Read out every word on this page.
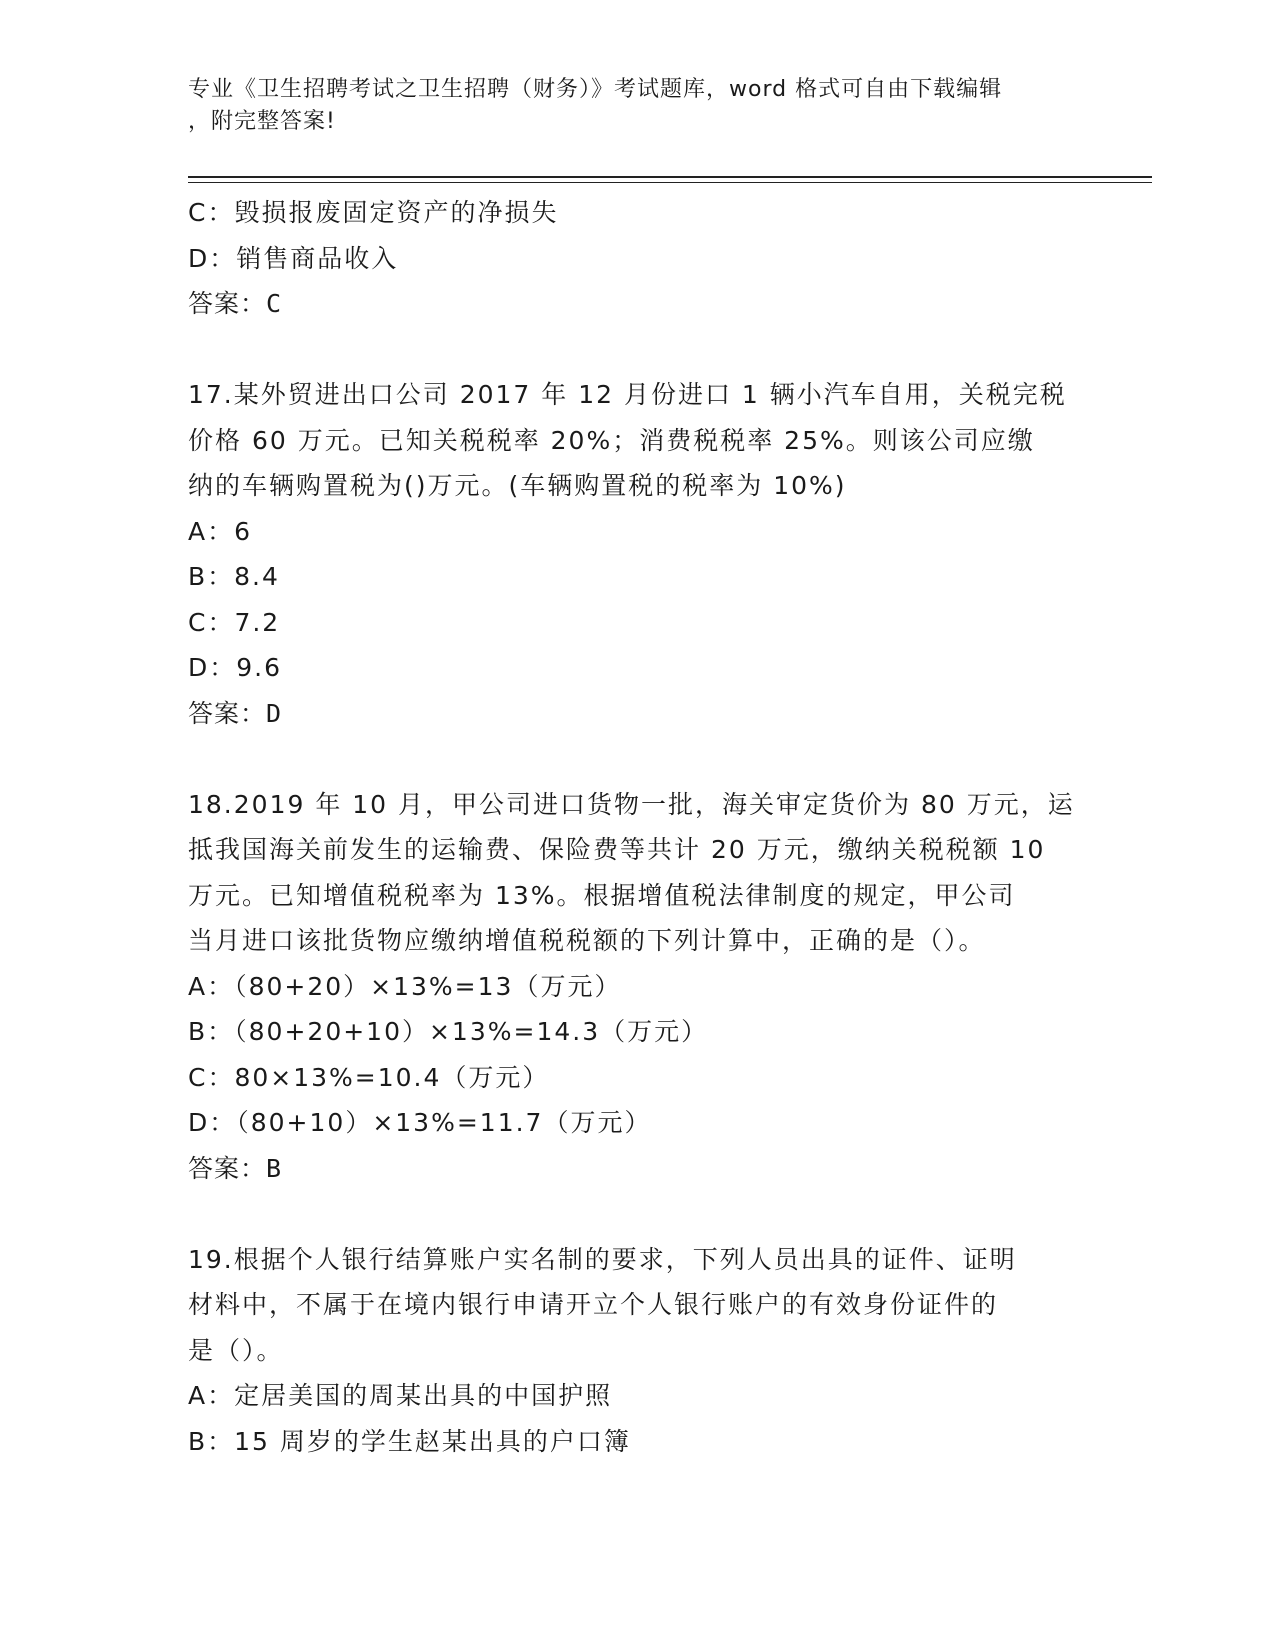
专业《卫生招聘考试之卫生招聘（财务）》考试题库，word 格式可自由下载编辑
，附完整答案!
C：毁损报废固定资产的净损失
D：销售商品收入
答案：C
17.某外贸进出口公司 2017 年 12 月份进口 1 辆小汽车自用，关税完税
价格 60 万元。已知关税税率 20%；消费税税率 25%。则该公司应缴
纳的车辆购置税为()万元。(车辆购置税的税率为 10%)
A：6
B：8.4
C：7.2
D：9.6
答案：D
18.2019 年 10 月，甲公司进口货物一批，海关审定货价为 80 万元，运
抵我国海关前发生的运输费、保险费等共计 20 万元，缴纳关税税额 10
万元。已知增值税税率为 13%。根据增值税法律制度的规定，甲公司
当月进口该批货物应缴纳增值税税额的下列计算中，正确的是（）。
A：（80+20）×13%=13（万元）
B：（80+20+10）×13%=14.3（万元）
C：80×13%=10.4（万元）
D：（80+10）×13%=11.7（万元）
答案：B
19.根据个人银行结算账户实名制的要求，下列人员出具的证件、证明
材料中，不属于在境内银行申请开立个人银行账户的有效身份证件的
是（）。
A：定居美国的周某出具的中国护照
B：15 周岁的学生赵某出具的户口簿
